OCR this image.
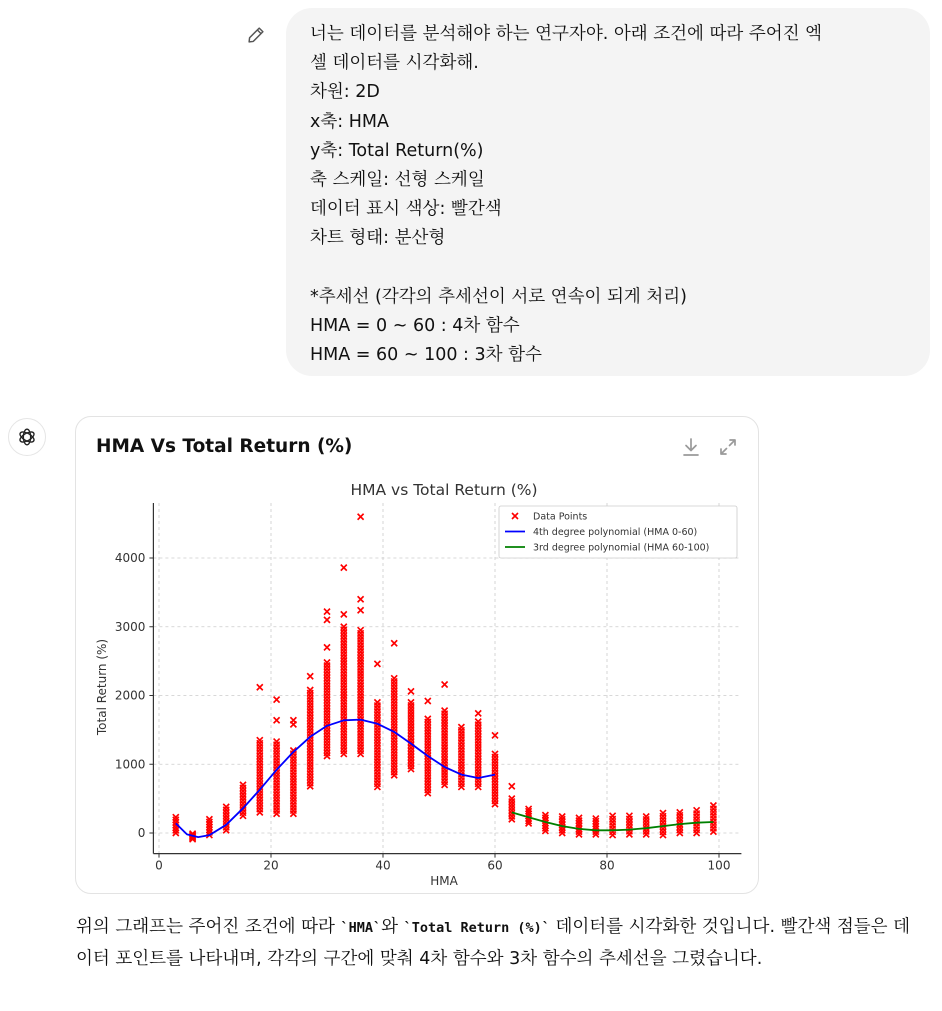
너는 데이터를 분석해야 하는 연구자야. 아래 조건에 따라 주어진 엑
셀 데이터를 시각화해.
차원: 2D
x축: HMA
y축: Total Return(%)
축 스케일: 선형 스케일
데이터 표시 색상: 빨간색
차트 형태: 분산형
*추세선 (각각의 추세선이 서로 연속이 되게 처리)
HMA = 0 ~ 60 : 4차 함수
HMA = 60 ~ 100 : 3차 함수
HMA Vs Total Return (%)
HMA vs Total Return (%)
0	20	40	60	80	100
0
1000
2000
3000
4000
HMA
Total Return (%)
Data Points
4th degree polynomial (HMA 0-60)
3rd degree polynomial (HMA 60-100)
위의 그래프는 주어진 조건에 따라 `HMA`와 `Total Return (%)` 데이터를 시각화한 것입니다. 빨간색 점들은 데이터 포인트를 나타내며, 각각의 구간에 맞춰 4차 함수와 3차 함수의 추세선을 그렸습니다.
